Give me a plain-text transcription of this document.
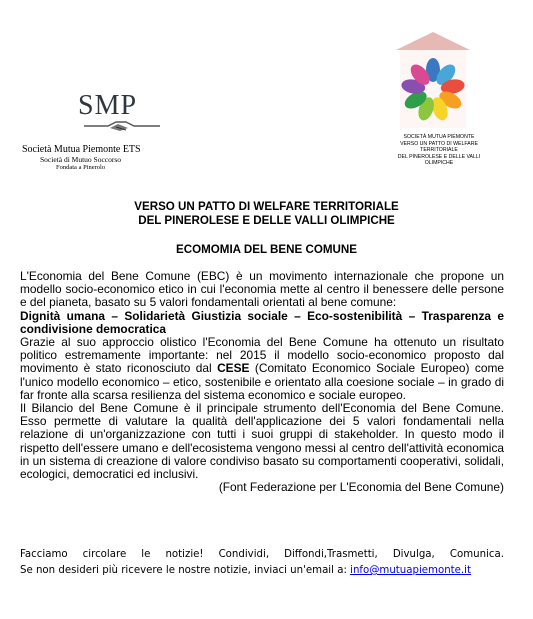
SMP
Società Mutua Piemonte ETS
Società di Mutuo Soccorso
Fondata a Pinerolo
SOCIETÀ MUTUA PIEMONTE
VERSO UN PATTO DI WELFARE TERRITORIALE
DEL PINEROLESE E DELLE VALLI OLIMPICHE
VERSO UN PATTO DI WELFARE TERRITORIALE
DEL PINEROLESE E DELLE VALLI OLIMPICHE
ECOMOMIA DEL BENE COMUNE

L'Economia del Bene Comune (EBC) è un movimento internazionale che propone un modello socio-economico etico in cui l'economia mette al centro il benessere delle persone e del pianeta, basato su 5 valori fondamentali orientati al bene comune:

Dignità umana – Solidarietà Giustizia sociale – Eco-sostenibilità – Trasparenza e condivisione democratica

Grazie al suo approccio olistico l'Economia del Bene Comune ha ottenuto un risultato politico estremamente importante: nel 2015 il modello socio-economico proposto dal movimento è stato riconosciuto dal CESE (Comitato Economico Sociale Europeo) come l'unico modello economico – etico, sostenibile e orientato alla coesione sociale – in grado di far fronte alla scarsa resilienza del sistema economico e sociale europeo.

Il Bilancio del Bene Comune è il principale strumento dell'Economia del Bene Comune. Esso permette di valutare la qualità dell'applicazione dei 5 valori fondamentali nella relazione di un'organizzazione con tutti i suoi gruppi di stakeholder. In questo modo il rispetto dell'essere umano e dell'ecosistema vengono messi al centro dell'attività economica in un sistema di creazione di valore condiviso basato su comportamenti cooperativi, solidali, ecologici, democratici ed inclusivi.

(Font Federazione per L'Economia del Bene Comune)

Facciamo circolare le notizie! Condividi, Diffondi,Trasmetti, Divulga, Comunica.
Se non desideri più ricevere le nostre notizie, inviaci un'email a: info@mutuapiemonte.it
